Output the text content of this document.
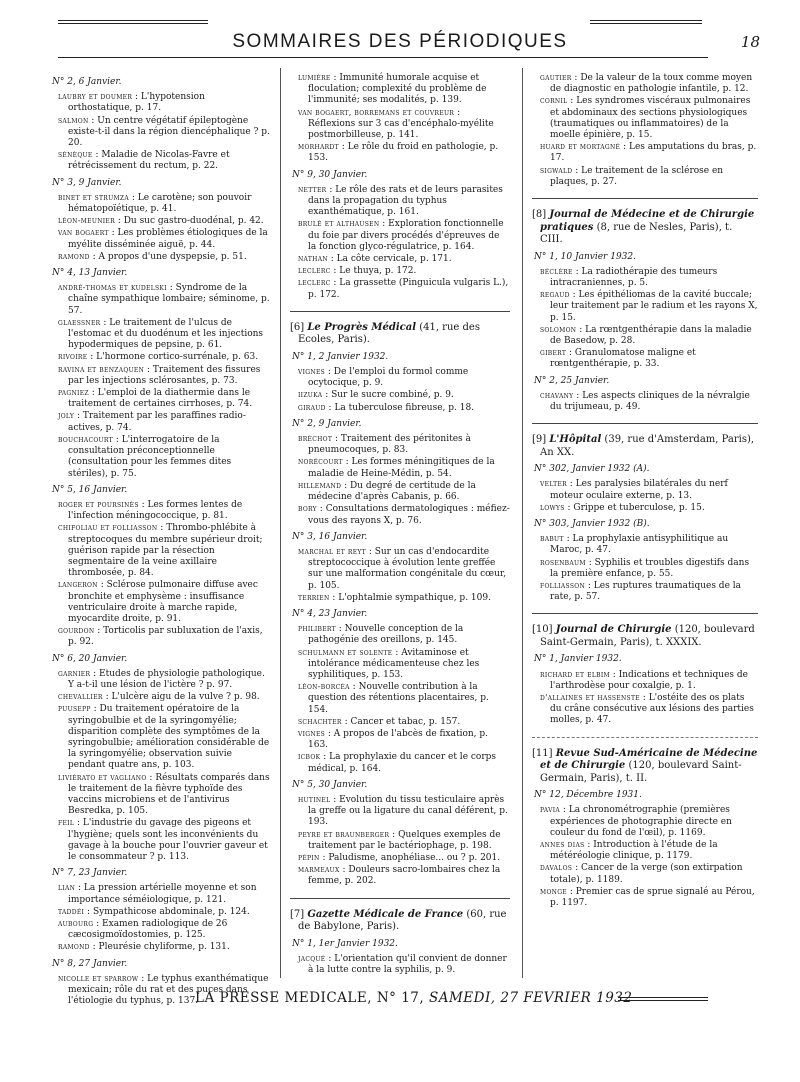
SOMMAIRES DES PÉRIODIQUES	18
N° 2, 6 Janvier.
laubry et doumer : L'hypotension orthostatique, p. 17.
salmon : Un centre végétatif épileptogène existe-t-il dans la région diencéphalique ? p. 20.
sénèque : Maladie de Nicolas-Favre et rétrécissement du rectum, p. 22.
N° 3, 9 Janvier.
binet et strumza : Le carotène; son pouvoir hématopoïétique, p. 41.
léon-meunier : Du suc gastro-duodénal, p. 42.
van bogaert : Les problèmes étiologiques de la myélite disséminée aiguë, p. 44.
ramond : A propos d'une dyspepsie, p. 51.
N° 4, 13 Janvier.
andré-thomas et kudelski : Syndrome de la chaîne sympathique lombaire; séminome, p. 57.
glaessner : Le traitement de l'ulcus de l'estomac et du duodénum et les injections hypodermiques de pepsine, p. 61.
rivoire : L'hormone cortico-surrénale, p. 63.
ravina et benzaquen : Traitement des fissures par les injections sclérosantes, p. 73.
pagniez : L'emploi de la diathermie dans le traitement de certaines cirrhoses, p. 74.
joly : Traitement par les paraffines radio-actives, p. 74.
bouchacourt : L'interrogatoire de la consultation préconceptionnelle (consultation pour les femmes dites stériles), p. 75.
N° 5, 16 Janvier.
roger et poursinès : Les formes lentes de l'infection méningococcique, p. 81.
chifoliau et folliasson : Thrombo-phlébite à streptocoques du membre supérieur droit; guérison rapide par la résection segmentaire de la veine axillaire thrombosée, p. 84.
langeron : Sclérose pulmonaire diffuse avec bronchite et emphysème : insuffisance ventriculaire droite à marche rapide, myocardite droite, p. 91.
gourdon : Torticolis par subluxation de l'axis, p. 92.
N° 6, 20 Janvier.
garnier : Etudes de physiologie pathologique. Y a-t-il une lésion de l'ictère ? p. 97.
chevallier : L'ulcère aigu de la vulve ? p. 98.
puusepp : Du traitement opératoire de la syringobulbie et de la syringomyélie; disparition complète des symptômes de la syringobulbie; amélioration considérable de la syringomyélie; observation suivie pendant quatre ans, p. 103.
liviérato et vagliano : Résultats comparés dans le traitement de la fièvre typhoïde des vaccins microbiens et de l'antivirus Besredka, p. 105.
feil : L'industrie du gavage des pigeons et l'hygiène; quels sont les inconvénients du gavage à la bouche pour l'ouvrier gaveur et le consommateur ? p. 113.
N° 7, 23 Janvier.
lian : La pression artérielle moyenne et son importance séméiologique, p. 121.
taddéi : Sympathicose abdominale, p. 124.
aubourg : Examen radiologique de 26 cæcosigmoïdostomies, p. 125.
ramond : Pleurésie chyliforme, p. 131.
N° 8, 27 Janvier.
nicolle et sparrow : Le typhus exanthématique mexicain; rôle du rat et des puces dans l'étiologie du typhus, p. 137.
lumière : Immunité humorale acquise et floculation; complexité du problème de l'immunité; ses modalités, p. 139.
van bogaert, borremans et couvreur : Réflexions sur 3 cas d'encéphalo-myélite postmorbilleuse, p. 141.
morhardt : Le rôle du froid en pathologie, p. 153.
N° 9, 30 Janvier.
netter : Le rôle des rats et de leurs parasites dans la propagation du typhus exanthématique, p. 161.
brulé et althausen : Exploration fonctionnelle du foie par divers procédés d'épreuves de la fonction glyco-régulatrice, p. 164.
nathan : La côte cervicale, p. 171.
leclerc : Le thuya, p. 172.
leclerc : La grassette (Pinguicula vulgaris L.), p. 172.
[6] Le Progrès Médical (41, rue des Ecoles, Paris).
N° 1, 2 Janvier 1932.
vignes : De l'emploi du formol comme ocytocique, p. 9.
iizuka : Sur le sucre combiné, p. 9.
giraud : La tuberculose fibreuse, p. 18.
N° 2, 9 Janvier.
bréchot : Traitement des péritonites à pneumocoques, p. 83.
norécourt : Les formes méningitiques de la maladie de Heine-Médin, p. 54.
hillemand : Du degré de certitude de la médecine d'après Cabanis, p. 66.
bory : Consultations dermatologiques : méfiez-vous des rayons X, p. 76.
N° 3, 16 Janvier.
marchal et reyt : Sur un cas d'endocardite streptococcique à évolution lente greffée sur une malformation congénitale du cœur, p. 105.
terrien : L'ophtalmie sympathique, p. 109.
N° 4, 23 Janvier.
philibert : Nouvelle conception de la pathogénie des oreillons, p. 145.
schulmann et solente : Avitaminose et intolérance médicamenteuse chez les syphilitiques, p. 153.
léon-borcéa : Nouvelle contribution à la question des rétentions placentaires, p. 154.
schachter : Cancer et tabac, p. 157.
vignes : A propos de l'abcès de fixation, p. 163.
icbok : La prophylaxie du cancer et le corps médical, p. 164.
N° 5, 30 Janvier.
hutinel : Evolution du tissu testiculaire après la greffe ou la ligature du canal déférent, p. 193.
peyre et braunberger : Quelques exemples de traitement par le bactériophage, p. 198.
pépin : Paludisme, anophéliase... ou ? p. 201.
marmeaux : Douleurs sacro-lombaires chez la femme, p. 202.
[7] Gazette Médicale de France (60, rue de Babylone, Paris).
N° 1, 1er Janvier 1932.
jacqué : L'orientation qu'il convient de donner à la lutte contre la syphilis, p. 9.
gautier : De la valeur de la toux comme moyen de diagnostic en pathologie infantile, p. 12.
cornil : Les syndromes viscéraux pulmonaires et abdominaux des sections physiologiques (traumatiques ou inflammatoires) de la moelle épinière, p. 15.
huard et mortagné : Les amputations du bras, p. 17.
sigwald : Le traitement de la sclérose en plaques, p. 27.
[8] Journal de Médecine et de Chirurgie pratiques (8, rue de Nesles, Paris), t. CIII.
N° 1, 10 Janvier 1932.
béclère : La radiothérapie des tumeurs intracraniennes, p. 5.
regaud : Les épithéliomas de la cavité buccale; leur traitement par le radium et les rayons X, p. 15.
solomon : La rœntgenthérapie dans la maladie de Basedow, p. 28.
gibert : Granulomatose maligne et rœntgenthérapie, p. 33.
N° 2, 25 Janvier.
chavany : Les aspects cliniques de la névralgie du trijumeau, p. 49.
[9] L'Hôpital (39, rue d'Amsterdam, Paris), An XX.
N° 302, Janvier 1932 (A).
velter : Les paralysies bilatérales du nerf moteur oculaire externe, p. 13.
lowys : Grippe et tuberculose, p. 15.
N° 303, Janvier 1932 (B).
babut : La prophylaxie antisyphilitique au Maroc, p. 47.
rosenbaum : Syphilis et troubles digestifs dans la première enfance, p. 55.
folliasson : Les ruptures traumatiques de la rate, p. 57.
[10] Journal de Chirurgie (120, boulevard Saint-Germain, Paris), t. XXXIX.
N° 1, Janvier 1932.
richard et elbim : Indications et techniques de l'arthrodèse pour coxalgie, p. 1.
d'allaines et hassenste : L'ostéite des os plats du crâne consécutive aux lésions des parties molles, p. 47.
[11] Revue Sud-Américaine de Médecine et de Chirurgie (120, boulevard Saint-Germain, Paris), t. II.
N° 12, Décembre 1931.
pavia : La chronométrographie (premières expériences de photographie directe en couleur du fond de l'œil), p. 1169.
annes dias : Introduction à l'étude de la météréologie clinique, p. 1179.
davalos : Cancer de la verge (son extirpation totale), p. 1189.
monge : Premier cas de sprue signalé au Pérou, p. 1197.
LA PRESSE MEDICALE, N° 17, SAMEDI, 27 FEVRIER 1932
